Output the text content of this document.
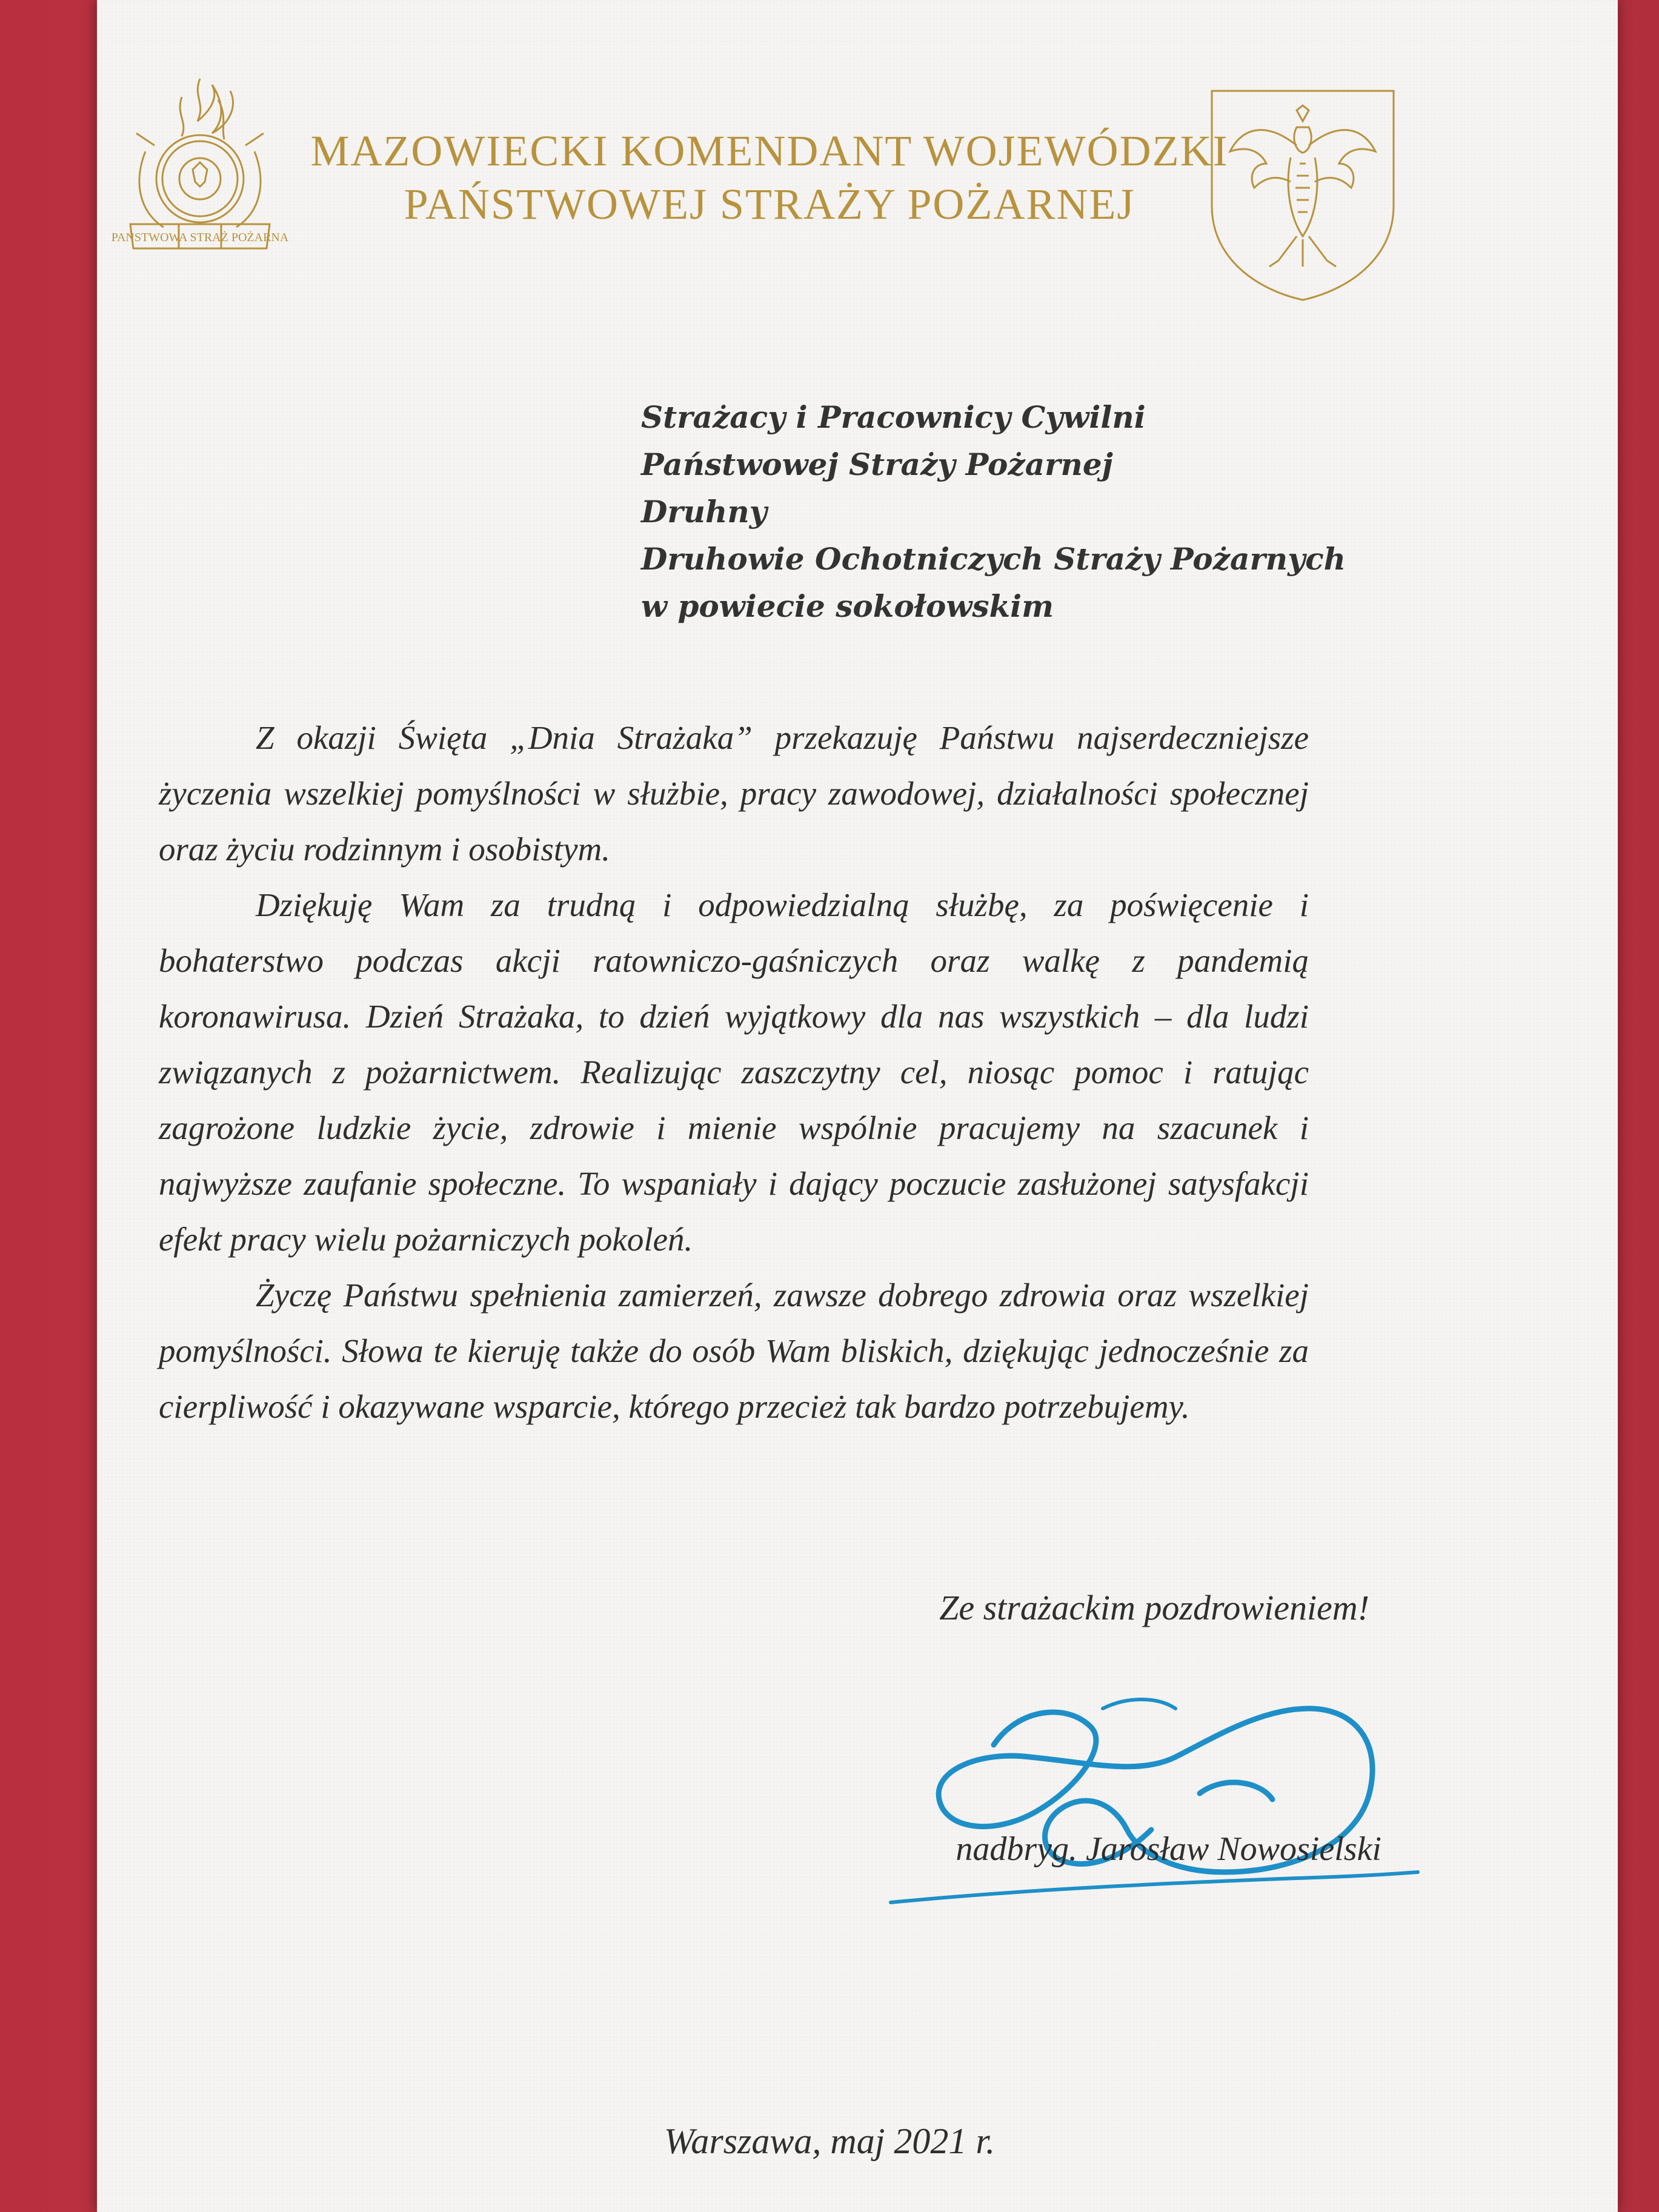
PAŃSTWOWA STRAŻ POŻARNA
MAZOWIECKI KOMENDANT WOJEWÓDZKI
PAŃSTWOWEJ STRAŻY POŻARNEJ
Strażacy i Pracownicy Cywilni
Państwowej Straży Pożarnej
Druhny
Druhowie Ochotniczych Straży Pożarnych
w powiecie sokołowskim

Z okazji Święta „Dnia Strażaka” przekazuję Państwu najserdeczniejsze życzenia wszelkiej pomyślności w służbie, pracy zawodowej, działalności społecznej oraz życiu rodzinnym i osobistym.

Dziękuję Wam za trudną i odpowiedzialną służbę, za poświęcenie i bohaterstwo podczas akcji ratowniczo-gaśniczych oraz walkę z pandemią koronawirusa. Dzień Strażaka, to dzień wyjątkowy dla nas wszystkich – dla ludzi związanych z pożarnictwem. Realizując zaszczytny cel, niosąc pomoc i ratując zagrożone ludzkie życie, zdrowie i mienie wspólnie pracujemy na szacunek i najwyższe zaufanie społeczne. To wspaniały i dający poczucie zasłużonej satysfakcji efekt pracy wielu pożarniczych pokoleń.

Życzę Państwu spełnienia zamierzeń, zawsze dobrego zdrowia oraz wszelkiej pomyślności. Słowa te kieruję także do osób Wam bliskich, dziękując jednocześnie za cierpliwość i okazywane wsparcie, którego przecież tak bardzo potrzebujemy.

Ze strażackim pozdrowieniem!
nadbryg. Jarosław Nowosielski
Warszawa, maj 2021 r.
